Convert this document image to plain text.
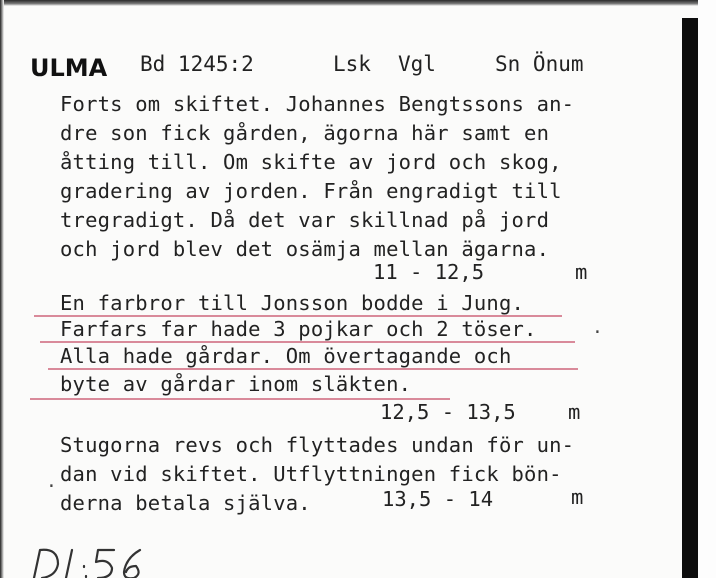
ULMA Bd 1245:2	Lsk Vgl	Sn Önum
Forts om skiftet. Johannes Bengtssons an-
dre son fick gården, ägorna här samt en
åtting till. Om skifte av jord och skog,
gradering av jorden. Från engradigt till
tregradigt. Då det var skillnad på jord
och jord blev det osämja mellan ägarna.
11 - 12,5	m
En farbror till Jonsson bodde i Jung.
Farfars far hade 3 pojkar och 2 töser.
Alla hade gårdar. Om övertagande och
byte av gårdar inom släkten.
12,5 - 13,5	m
Stugorna revs och flyttades undan för un-
dan vid skiftet. Utflyttningen fick bön-
derna betala själva.	13,5 - 14	m
·
·
